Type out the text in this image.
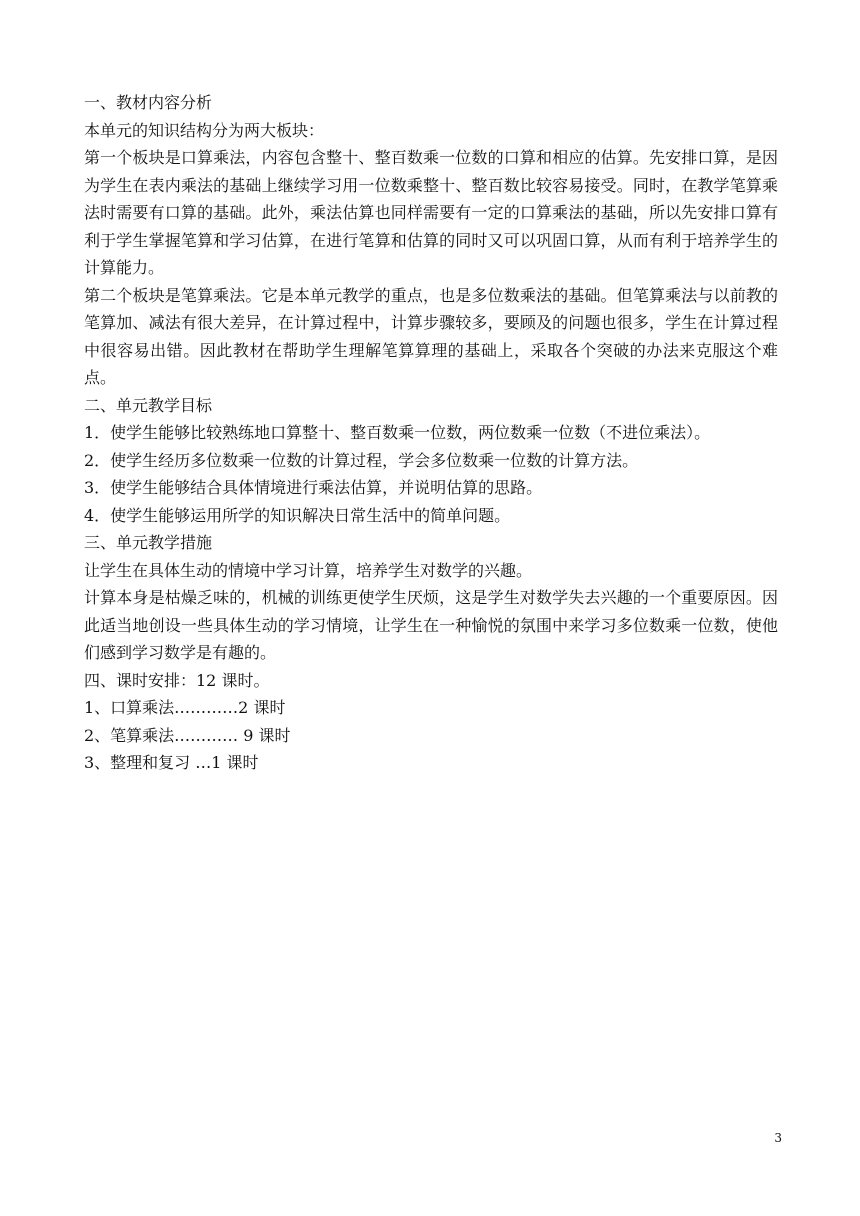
一、教材内容分析
本单元的知识结构分为两大板块：

第一个板块是口算乘法，内容包含整十、整百数乘一位数的口算和相应的估算。先安排口算，是因为学生在表内乘法的基础上继续学习用一位数乘整十、整百数比较容易接受。同时，在教学笔算乘法时需要有口算的基础。此外，乘法估算也同样需要有一定的口算乘法的基础，所以先安排口算有利于学生掌握笔算和学习估算，在进行笔算和估算的同时又可以巩固口算，从而有利于培养学生的计算能力。

第二个板块是笔算乘法。它是本单元教学的重点，也是多位数乘法的基础。但笔算乘法与以前教的笔算加、减法有很大差异，在计算过程中，计算步骤较多，要顾及的问题也很多，学生在计算过程中很容易出错。因此教材在帮助学生理解笔算算理的基础上，采取各个突破的办法来克服这个难点。

二、单元教学目标
1．使学生能够比较熟练地口算整十、整百数乘一位数，两位数乘一位数（不进位乘法）。
2．使学生经历多位数乘一位数的计算过程，学会多位数乘一位数的计算方法。
3．使学生能够结合具体情境进行乘法估算，并说明估算的思路。
4．使学生能够运用所学的知识解决日常生活中的简单问题。
三、单元教学措施
让学生在具体生动的情境中学习计算，培养学生对数学的兴趣。

计算本身是枯燥乏味的，机械的训练更使学生厌烦，这是学生对数学失去兴趣的一个重要原因。因此适当地创设一些具体生动的学习情境，让学生在一种愉悦的氛围中来学习多位数乘一位数，使他们感到学习数学是有趣的。

四、课时安排：12 课时。
1、口算乘法…………2 课时
2、笔算乘法………… 9 课时
3、整理和复习 …1 课时
3
